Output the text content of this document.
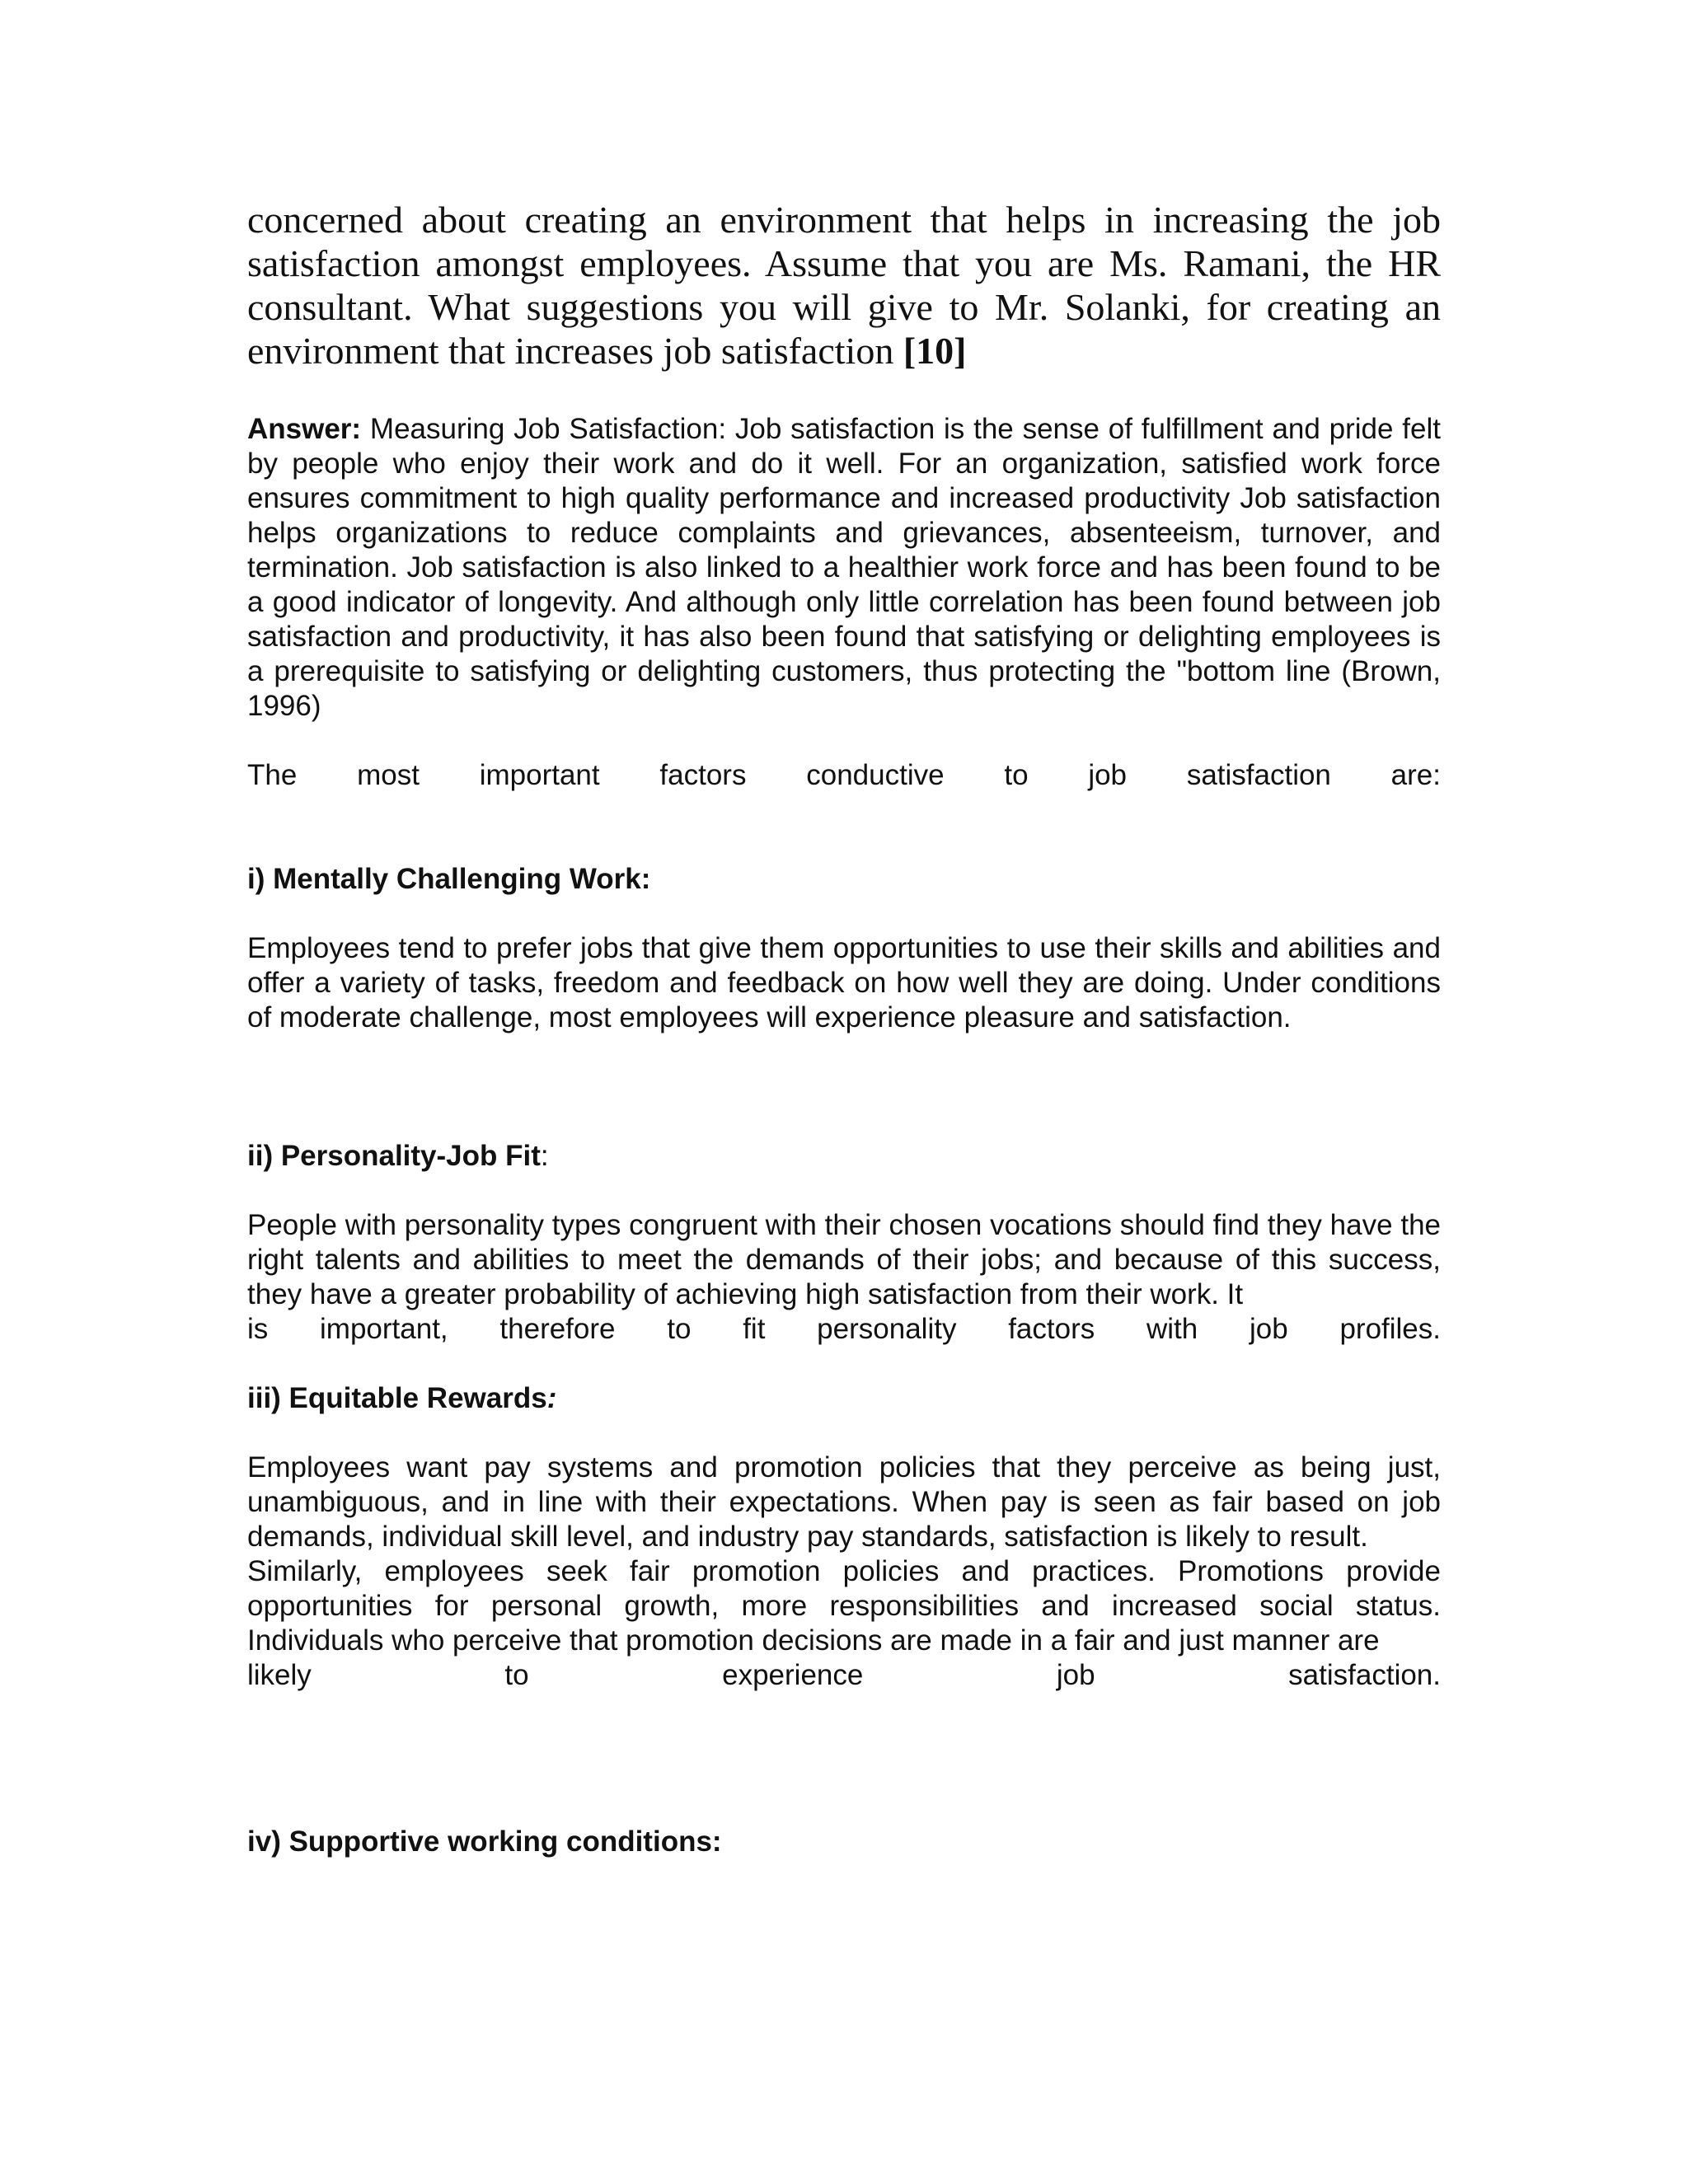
concerned about creating an environment that helps in increasing the job satisfaction amongst employees. Assume that you are Ms. Ramani, the HR consultant. What suggestions you will give to Mr. Solanki, for creating an environment that increases job satisfaction [10]

Answer: Measuring Job Satisfaction: Job satisfaction is the sense of fulfillment and pride felt by people who enjoy their work and do it well. For an organization, satisfied work force ensures commitment to high quality performance and increased productivity Job satisfaction helps organizations to reduce complaints and grievances, absenteeism, turnover, and termination. Job satisfaction is also linked to a healthier work force and has been found to be a good indicator of longevity. And although only little correlation has been found between job satisfaction and productivity, it has also been found that satisfying or delighting employees is a prerequisite to satisfying or delighting customers, thus protecting the "bottom line (Brown, 1996)

The most important factors conductive to job satisfaction are:

i) Mentally Challenging Work:

Employees tend to prefer jobs that give them opportunities to use their skills and abilities and offer a variety of tasks, freedom and feedback on how well they are doing. Under conditions of moderate challenge, most employees will experience pleasure and satisfaction.

ii) Personality-Job Fit:

People with personality types congruent with their chosen vocations should find they have the right talents and abilities to meet the demands of their jobs; and because of this success, they have a greater probability of achieving high satisfaction from their work. It

is important, therefore to fit personality factors with job profiles.

iii) Equitable Rewards:

Employees want pay systems and promotion policies that they perceive as being just, unambiguous, and in line with their expectations. When pay is seen as fair based on job demands, individual skill level, and industry pay standards, satisfaction is likely to result.

Similarly, employees seek fair promotion policies and practices. Promotions provide opportunities for personal growth, more responsibilities and increased social status. Individuals who perceive that promotion decisions are made in a fair and just manner are

likely to experience job satisfaction.

iv) Supportive working conditions:
